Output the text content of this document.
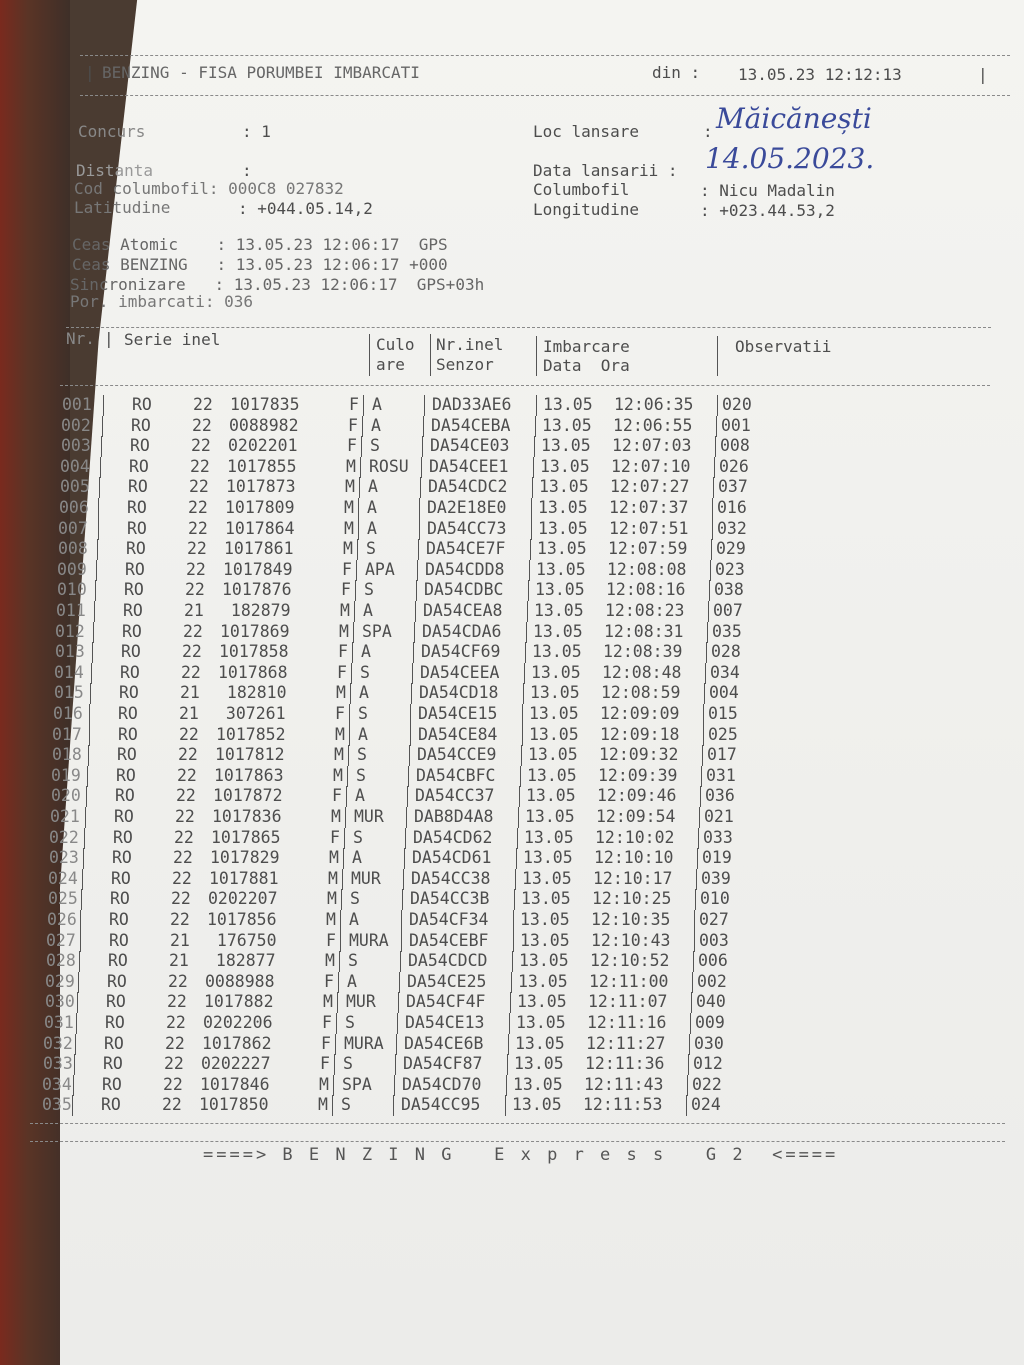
| BENZING - FISA PORUMBEI IMBARCATI	din : 13.05.23 12:12:13	|
Concurs	: 1	Loc lansare	: Măicănești
Distanta	:	Data lansarii : 14.05.2023.
Cod columbofil: 000C8 027832	Columbofil	: Nicu Madalin
Latitudine	: +044.05.14,2	Longitudine	: +023.44.53,2
Ceas Atomic    : 13.05.23 12:06:17  GPS
Ceas BENZING   : 13.05.23 12:06:17 +000
Sincronizare   : 13.05.23 12:06:17  GPS+03h
Por. imbarcati: 036
Nr. | Serie inel	Culo
are
Nr.inel
Senzor
Imbarcare
Data  Ora
Observatii
001 RO 22 1017835	F A	DAD33AE6 13.05 12:06:35 020
002 RO 22 0088982	F A	DA54CEBA 13.05 12:06:55 001
003 RO 22 0202201	F S	DA54CE03 13.05 12:07:03 008
004 RO 22 1017855	M ROSU DA54CEE1 13.05 12:07:10 026
005 RO 22 1017873	M A	DA54CDC2 13.05 12:07:27 037
006 RO 22 1017809	M A	DA2E18E0 13.05 12:07:37 016
007 RO 22 1017864	M A	DA54CC73 13.05 12:07:51 032
008 RO 22 1017861	M S	DA54CE7F 13.05 12:07:59 029
009 RO 22 1017849	F APA DA54CDD8 13.05 12:08:08 023
010 RO 22 1017876	F S	DA54CDBC 13.05 12:08:16 038
011 RO 21 182879	M A	DA54CEA8 13.05 12:08:23 007
012 RO 22 1017869	M SPA DA54CDA6 13.05 12:08:31 035
013 RO 22 1017858	F A	DA54CF69 13.05 12:08:39 028
014 RO 22 1017868	F S	DA54CEEA 13.05 12:08:48 034
015 RO 21 182810	M A	DA54CD18 13.05 12:08:59 004
016 RO 21 307261	F S	DA54CE15 13.05 12:09:09 015
017 RO 22 1017852	M A	DA54CE84 13.05 12:09:18 025
018 RO 22 1017812	M S	DA54CCE9 13.05 12:09:32 017
019 RO 22 1017863	M S	DA54CBFC 13.05 12:09:39 031
020 RO 22 1017872	F A	DA54CC37 13.05 12:09:46 036
021 RO 22 1017836	M MUR DAB8D4A8 13.05 12:09:54 021
022 RO 22 1017865	F S	DA54CD62 13.05 12:10:02 033
023 RO 22 1017829	M A	DA54CD61 13.05 12:10:10 019
024 RO 22 1017881	M MUR DA54CC38 13.05 12:10:17 039
025 RO 22 0202207	M S	DA54CC3B 13.05 12:10:25 010
026 RO 22 1017856	M A	DA54CF34 13.05 12:10:35 027
027 RO 21 176750	F MURA DA54CEBF 13.05 12:10:43 003
028 RO 21 182877	M S	DA54CDCD 13.05 12:10:52 006
029 RO 22 0088988	F A	DA54CE25 13.05 12:11:00 002
030 RO 22 1017882	M MUR DA54CF4F 13.05 12:11:07 040
031 RO 22 0202206	F S	DA54CE13 13.05 12:11:16 009
032 RO 22 1017862	F MURA DA54CE6B 13.05 12:11:27 030
033 RO 22 0202227	F S	DA54CF87 13.05 12:11:36 012
034 RO 22 1017846	M SPA DA54CD70 13.05 12:11:43 022
035 RO 22 1017850	M S	DA54CC95 13.05 12:11:53 024
====> B E N Z I N G   E x p r e s s   G 2  <====
